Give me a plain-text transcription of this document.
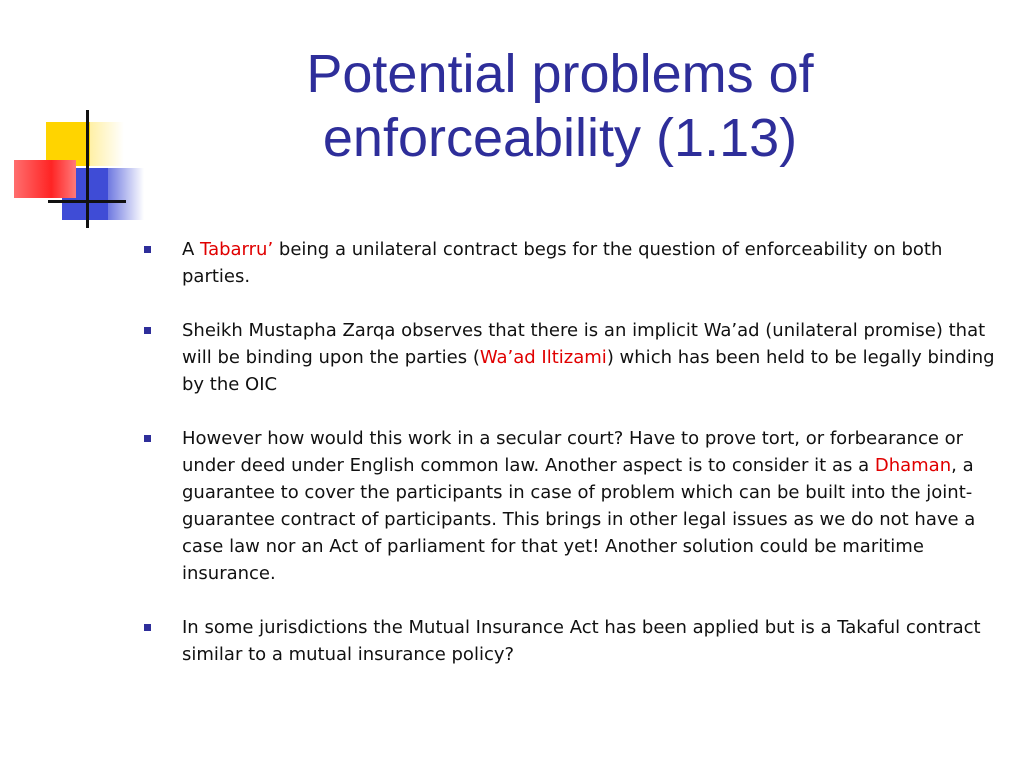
Potential problems of
enforceability (1.13)
A Tabarru’ being a unilateral contract begs for the question of enforceability on both parties.
Sheikh Mustapha Zarqa observes that there is an implicit Wa’ad (unilateral promise) that will be binding upon the parties (Wa’ad Iltizami) which has been held to be legally binding by the OIC
However how would this work in a secular court? Have to prove tort, or forbearance or under deed under English common law. Another aspect is to consider it as a Dhaman, a guarantee to cover the participants in case of problem which can be built into the joint-guarantee contract of participants. This brings in other legal issues as we do not have a case law nor an Act of parliament for that yet! Another solution could be maritime insurance.
In some jurisdictions the Mutual Insurance Act has been applied but is a Takaful contract similar to a mutual insurance policy?
